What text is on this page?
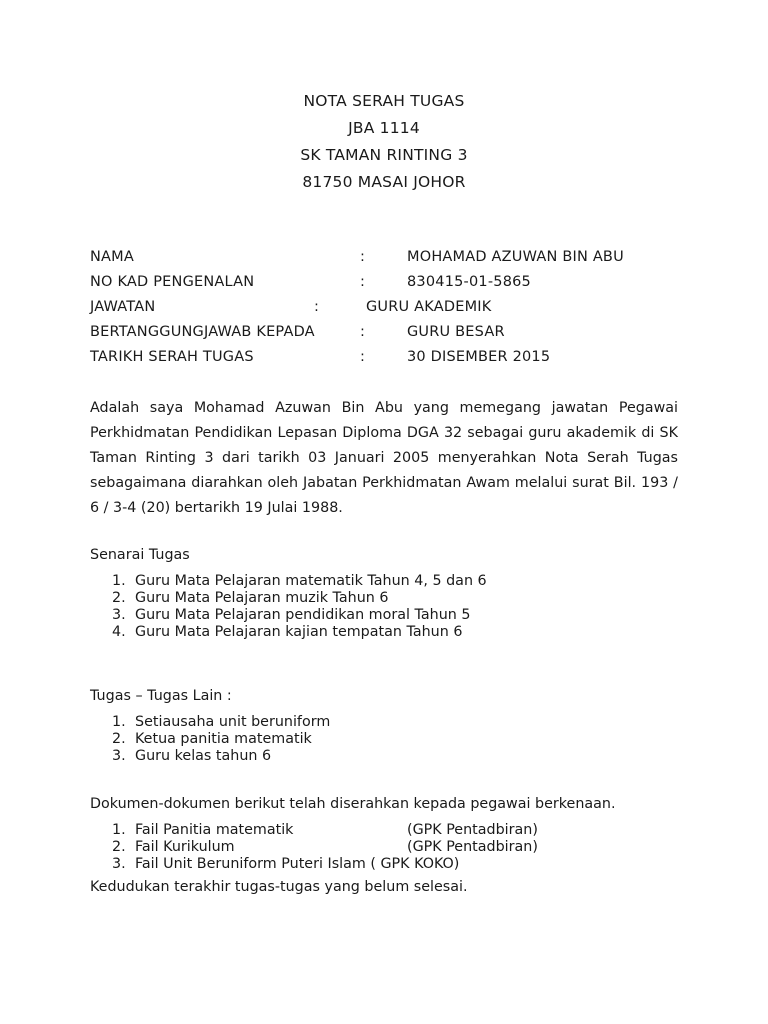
NOTA SERAH TUGAS
JBA 1114
SK TAMAN RINTING 3
81750 MASAI JOHOR
NAMA	:	MOHAMAD AZUWAN BIN ABU
NO KAD PENGENALAN	:	830415-01-5865
JAWATAN	:	GURU AKADEMIK
BERTANGGUNGJAWAB KEPADA	:	GURU BESAR
TARIKH SERAH TUGAS	:	30 DISEMBER 2015
Adalah saya Mohamad Azuwan Bin Abu yang memegang jawatan Pegawai Perkhidmatan Pendidikan Lepasan Diploma DGA 32 sebagai guru akademik di SK Taman Rinting 3 dari tarikh 03 Januari 2005 menyerahkan Nota Serah Tugas sebagaimana diarahkan oleh Jabatan Perkhidmatan Awam melalui surat Bil. 193 / 6 / 3-4 (20) bertarikh 19 Julai 1988.
Senarai Tugas
1. Guru Mata Pelajaran matematik Tahun 4, 5 dan 6
2. Guru Mata Pelajaran muzik Tahun 6
3. Guru Mata Pelajaran pendidikan moral Tahun 5
4. Guru Mata Pelajaran kajian tempatan Tahun 6
Tugas – Tugas Lain :
1. Setiausaha unit beruniform
2. Ketua panitia matematik
3. Guru kelas tahun 6
Dokumen-dokumen berikut telah diserahkan kepada pegawai berkenaan.
1. Fail Panitia matematik	(GPK Pentadbiran)
2. Fail Kurikulum	(GPK Pentadbiran)
3. Fail Unit Beruniform Puteri Islam ( GPK KOKO)
Kedudukan terakhir tugas-tugas yang belum selesai.
